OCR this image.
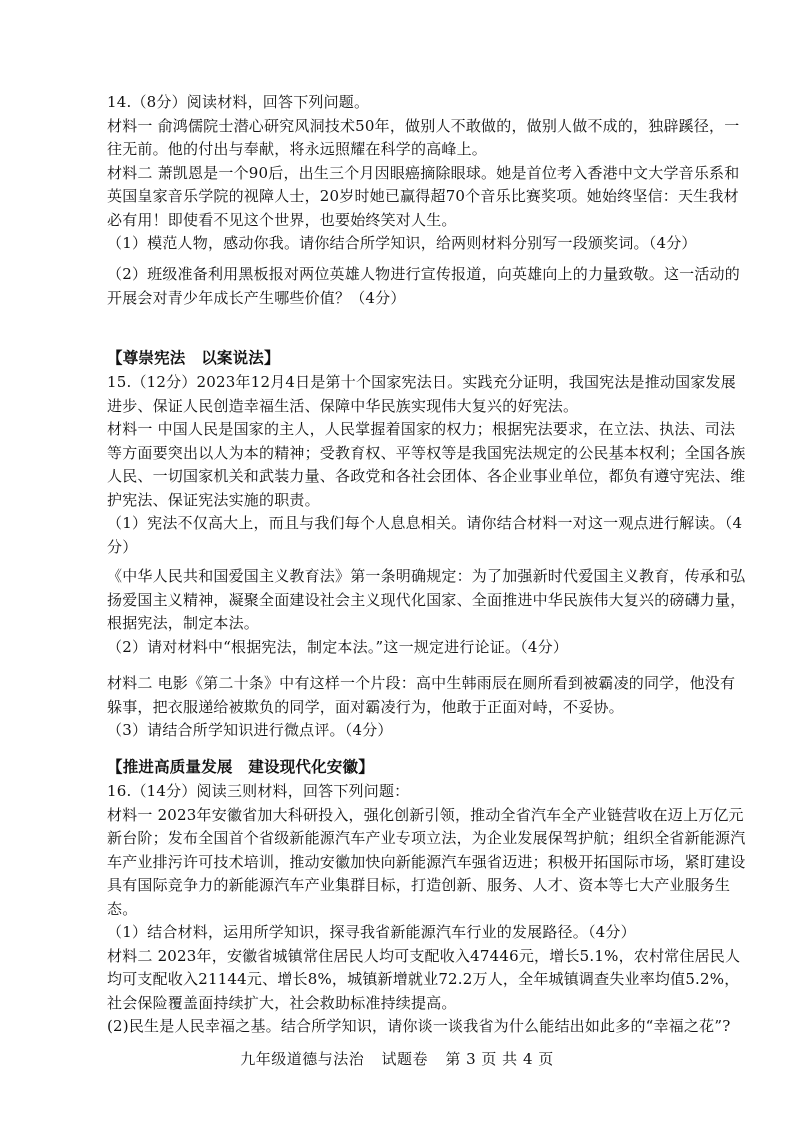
14.（8分）阅读材料，回答下列问题。

材料一 俞鸿儒院士潜心研究风洞技术50年，做别人不敢做的，做别人做不成的，独辟蹊径，一往无前。他的付出与奉献，将永远照耀在科学的高峰上。

材料二 萧凯恩是一个90后，出生三个月因眼癌摘除眼球。她是首位考入香港中文大学音乐系和英国皇家音乐学院的视障人士，20岁时她已赢得超70个音乐比赛奖项。她始终坚信：天生我材必有用！即使看不见这个世界，也要始终笑对人生。

（1）模范人物，感动你我。请你结合所学知识，给两则材料分别写一段颁奖词。（4分）

（2）班级准备利用黑板报对两位英雄人物进行宣传报道，向英雄向上的力量致敬。这一活动的开展会对青少年成长产生哪些价值？（4分）

【尊崇宪法　以案说法】

15.（12分）2023年12月4日是第十个国家宪法日。实践充分证明，我国宪法是推动国家发展进步、保证人民创造幸福生活、保障中华民族实现伟大复兴的好宪法。

材料一 中国人民是国家的主人，人民掌握着国家的权力；根据宪法要求，在立法、执法、司法等方面要突出以人为本的精神；受教育权、平等权等是我国宪法规定的公民基本权利；全国各族人民、一切国家机关和武装力量、各政党和各社会团体、各企业事业单位，都负有遵守宪法、维护宪法、保证宪法实施的职责。

（1）宪法不仅高大上，而且与我们每个人息息相关。请你结合材料一对这一观点进行解读。（4分）

《中华人民共和国爱国主义教育法》第一条明确规定：为了加强新时代爱国主义教育，传承和弘扬爱国主义精神，凝聚全面建设社会主义现代化国家、全面推进中华民族伟大复兴的磅礴力量，根据宪法，制定本法。

（2）请对材料中“根据宪法，制定本法。”这一规定进行论证。（4分）

材料二 电影《第二十条》中有这样一个片段：高中生韩雨辰在厕所看到被霸凌的同学，他没有躲事，把衣服递给被欺负的同学，面对霸凌行为，他敢于正面对峙，不妥协。

（3）请结合所学知识进行微点评。（4分）

【推进高质量发展　建设现代化安徽】

16.（14分）阅读三则材料，回答下列问题：

材料一 2023年安徽省加大科研投入，强化创新引领，推动全省汽车全产业链营收在迈上万亿元新台阶；发布全国首个省级新能源汽车产业专项立法，为企业发展保驾护航；组织全省新能源汽车产业排污许可技术培训，推动安徽加快向新能源汽车强省迈进；积极开拓国际市场，紧盯建设具有国际竞争力的新能源汽车产业集群目标，打造创新、服务、人才、资本等七大产业服务生态。

（1）结合材料，运用所学知识，探寻我省新能源汽车行业的发展路径。（4分）

材料二 2023年，安徽省城镇常住居民人均可支配收入47446元，增长5.1%，农村常住居民人均可支配收入21144元、增长8%，城镇新增就业72.2万人，全年城镇调查失业率均值5.2%，社会保险覆盖面持续扩大，社会救助标准持续提高。

(2)民生是人民幸福之基。结合所学知识，请你谈一谈我省为什么能结出如此多的“幸福之花”?

九年级道德与法治 试题卷 第 3 页 共 4 页
